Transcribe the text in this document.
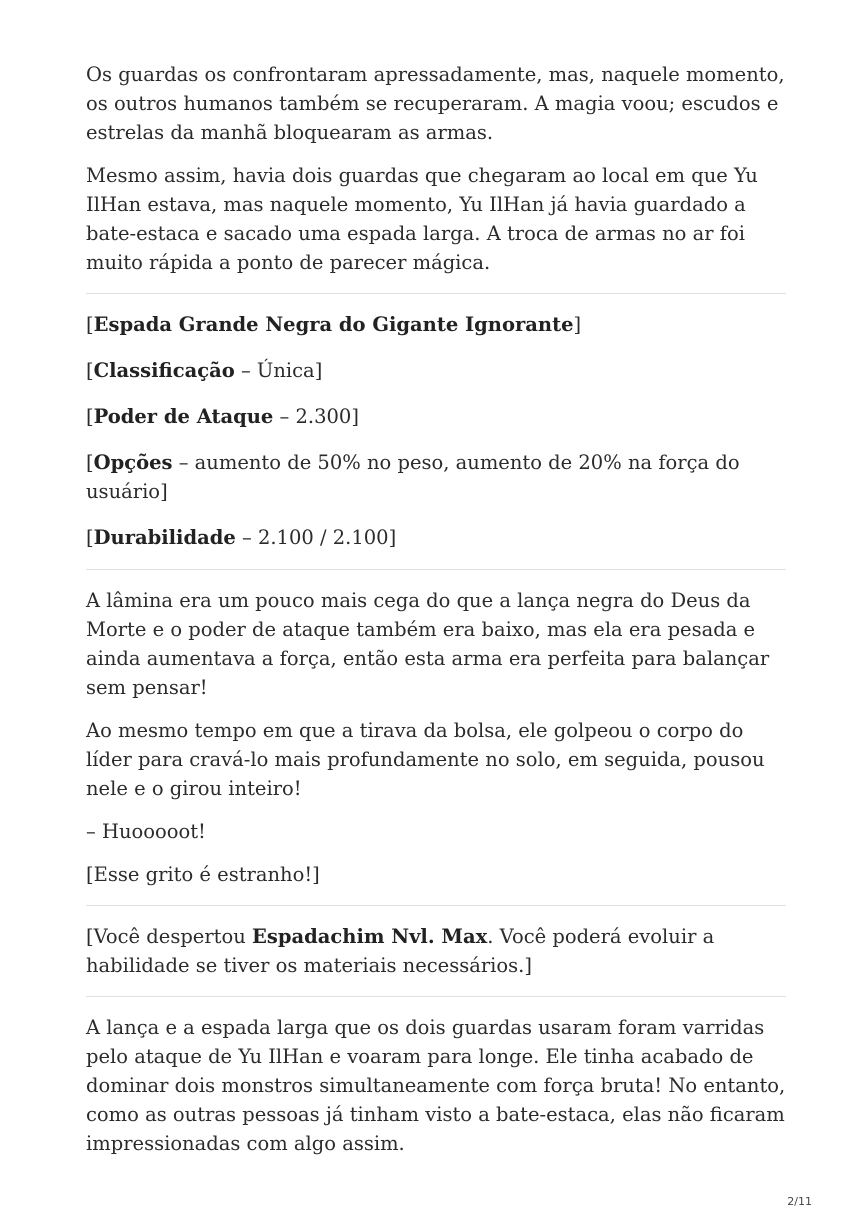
Os guardas os confrontaram apressadamente, mas, naquele momento, os outros humanos também se recuperaram. A magia voou; escudos e estrelas da manhã bloquearam as armas.

Mesmo assim, havia dois guardas que chegaram ao local em que Yu IlHan estava, mas naquele momento, Yu IlHan já havia guardado a bate-estaca e sacado uma espada larga. A troca de armas no ar foi muito rápida a ponto de parecer mágica.

[Espada Grande Negra do Gigante Ignorante]

[Classificação – Única]

[Poder de Ataque – 2.300]

[Opções – aumento de 50% no peso, aumento de 20% na força do usuário]

[Durabilidade – 2.100 / 2.100]

A lâmina era um pouco mais cega do que a lança negra do Deus da Morte e o poder de ataque também era baixo, mas ela era pesada e ainda aumentava a força, então esta arma era perfeita para balançar sem pensar!

Ao mesmo tempo em que a tirava da bolsa, ele golpeou o corpo do líder para cravá-lo mais profundamente no solo, em seguida, pousou nele e o girou inteiro!

– Huooooot!

[Esse grito é estranho!]

[Você despertou Espadachim Nvl. Max. Você poderá evoluir a habilidade se tiver os materiais necessários.]

A lança e a espada larga que os dois guardas usaram foram varridas pelo ataque de Yu IlHan e voaram para longe. Ele tinha acabado de dominar dois monstros simultaneamente com força bruta! No entanto, como as outras pessoas já tinham visto a bate-estaca, elas não ficaram impressionadas com algo assim.

2/11
